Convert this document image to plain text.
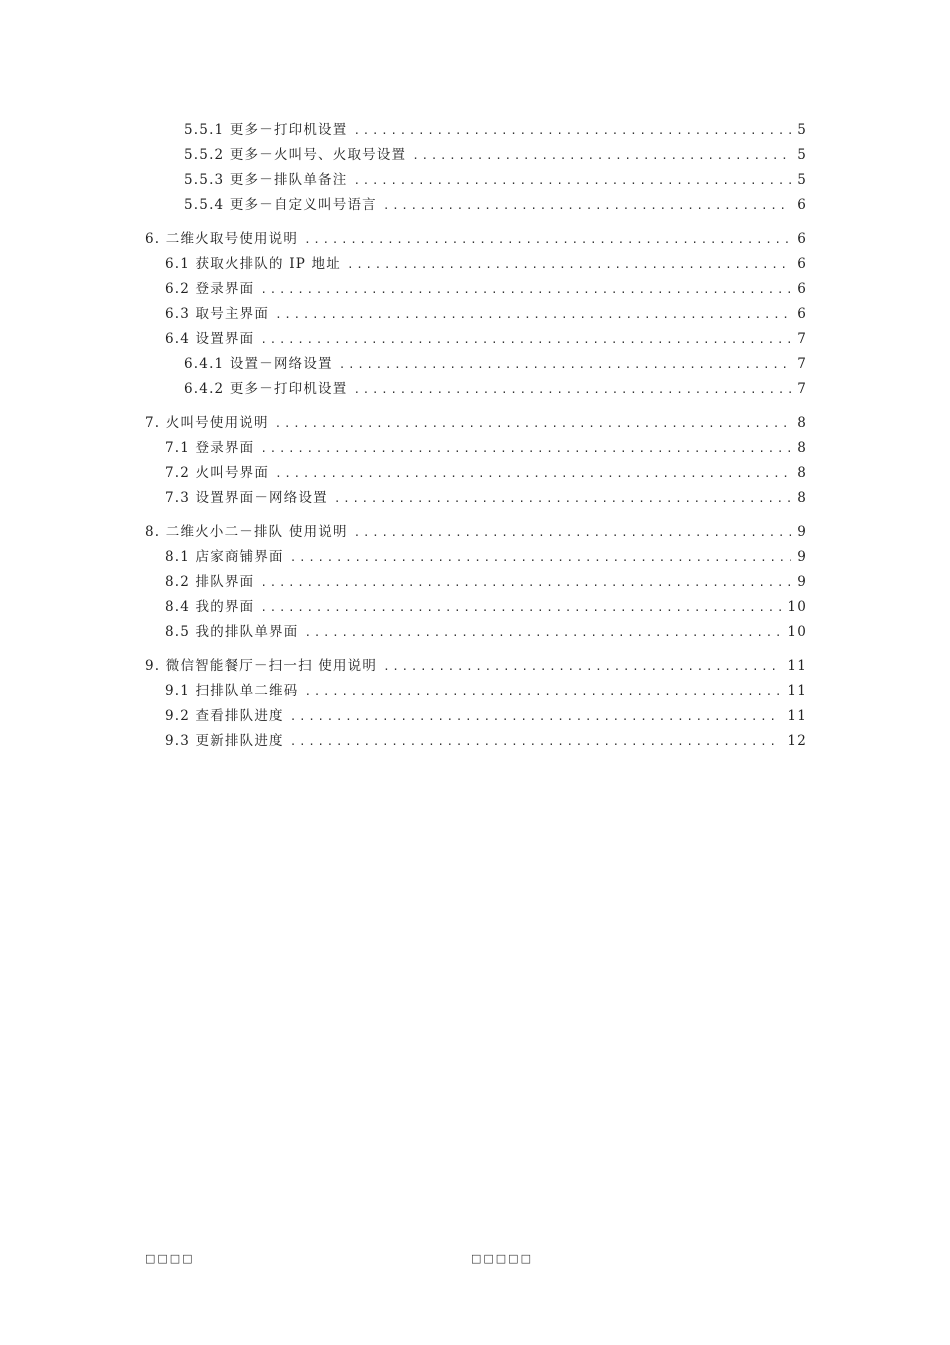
5.5.1 更多－打印机设置 .....	5
5.5.2 更多－火叫号、火取号设置 .....	5
5.5.3 更多－排队单备注 .....	5
5.5.4 更多－自定义叫号语言 .....	6
6. 二维火取号使用说明 .....	6
6.1 获取火排队的 IP 地址 .....	6
6.2 登录界面 .....	6
6.3 取号主界面 .....	6
6.4 设置界面 .....	7
6.4.1 设置－网络设置 .....	7
6.4.2 更多－打印机设置 .....	7
7. 火叫号使用说明 .....	8
7.1 登录界面 .....	8
7.2 火叫号界面 .....	8
7.3 设置界面－网络设置 .....	8
8. 二维火小二－排队 使用说明 .....	9
8.1 店家商铺界面 .....	9
8.2 排队界面 .....	9
8.4 我的界面 .....	10
8.5 我的排队单界面 .....	10
9. 微信智能餐厅－扫一扫 使用说明 .....	11
9.1 扫排队单二维码 .....	11
9.2 查看排队进度 .....	11
9.3 更新排队进度 .....	12
□□□□	□□□□□
